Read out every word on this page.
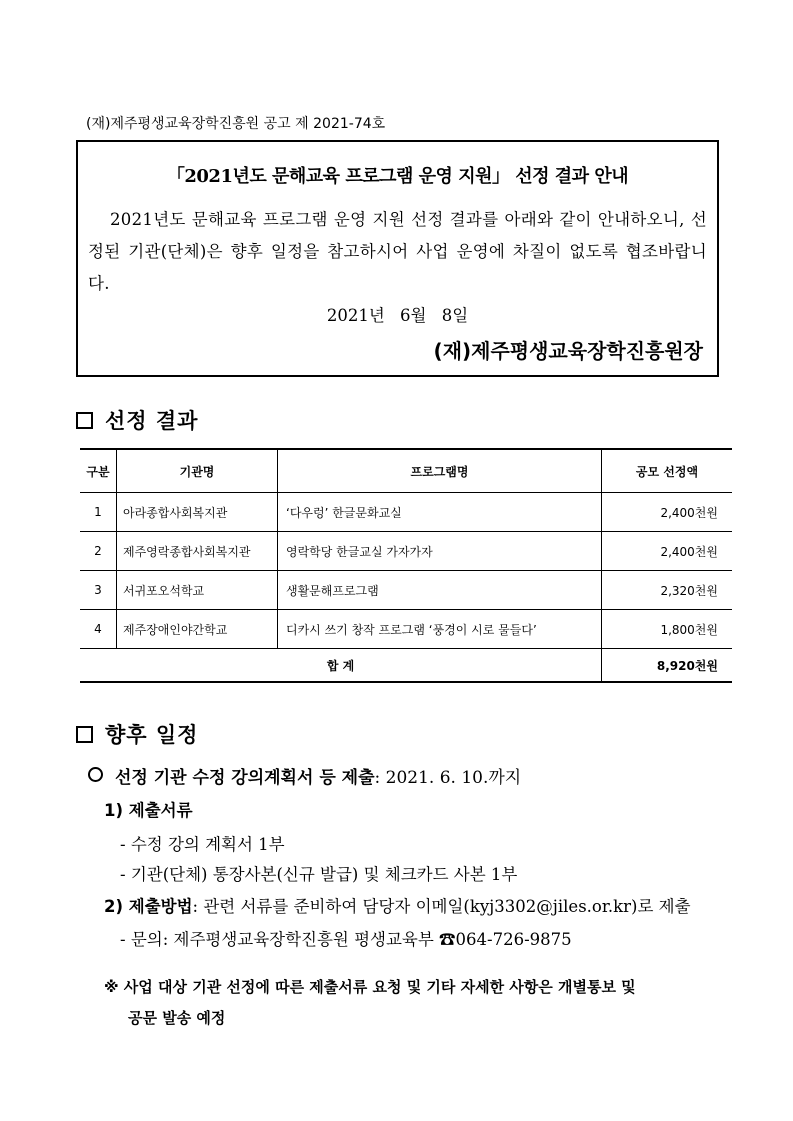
(재)제주평생교육장학진흥원 공고 제 2021-74호
「2021년도 문해교육 프로그램 운영 지원」 선정 결과 안내
2021년도 문해교육 프로그램 운영 지원 선정 결과를 아래와 같이 안내하오니, 선정된 기관(단체)은 향후 일정을 참고하시어 사업 운영에 차질이 없도록 협조바랍니다.
2021년 6월 8일
(재)제주평생교육장학진흥원장
선정 결과
구분	기관명	프로그램명	공모 선정액
1	아라종합사회복지관	‘다우렁’ 한글문화교실	2,400천원
2	제주영락종합사회복지관	영락학당 한글교실 가자가자	2,400천원
3	서귀포오석학교	생활문해프로그램	2,320천원
4	제주장애인야간학교	디카시 쓰기 창작 프로그램 ‘풍경이 시로 물들다’	1,800천원
합 계			8,920천원
향후 일정
선정 기관 수정 강의계획서 등 제출: 2021. 6. 10.까지
1) 제출서류
- 수정 강의 계획서 1부
- 기관(단체) 통장사본(신규 발급) 및 체크카드 사본 1부
2) 제출방법: 관련 서류를 준비하여 담당자 이메일(kyj3302@jiles.or.kr)로 제출
- 문의: 제주평생교육장학진흥원 평생교육부 ☎064-726-9875
※ 사업 대상 기관 선정에 따른 제출서류 요청 및 기타 자세한 사항은 개별통보 및
공문 발송 예정
